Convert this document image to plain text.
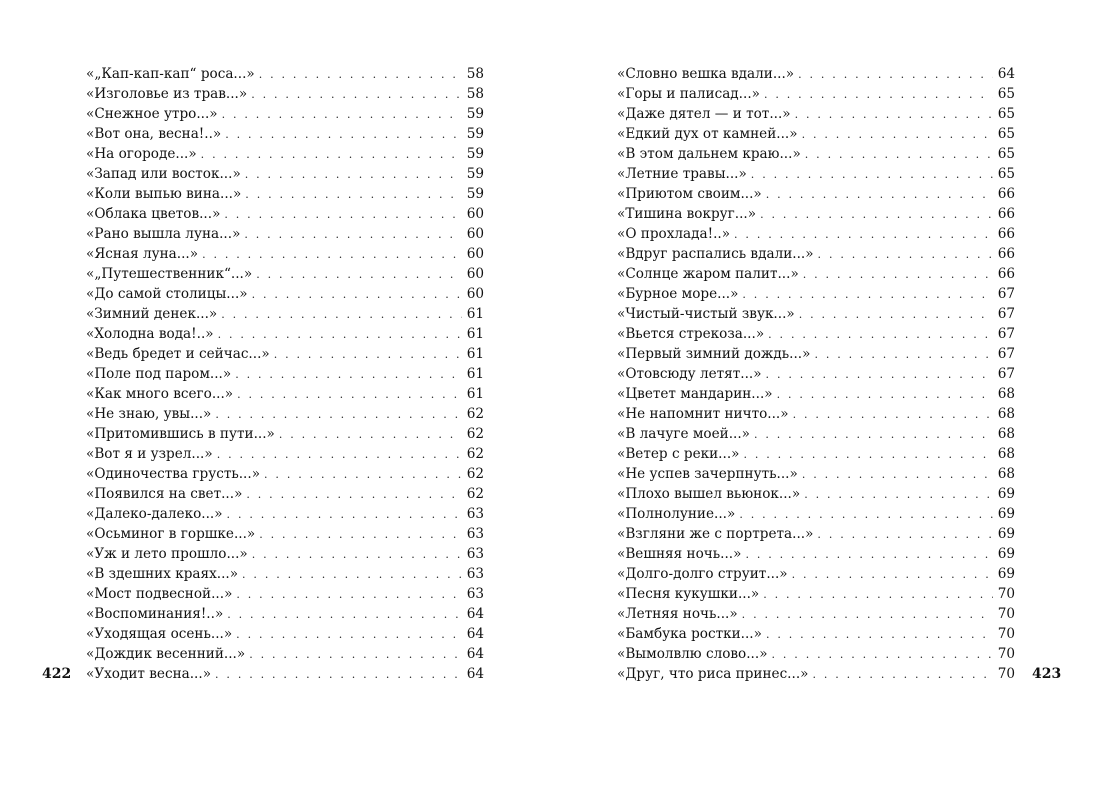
«„Кап-кап-кап“ роса...» . . .	58
«Изголовье из трав...» . . .	58
«Снежное утро...» . . .	59
«Вот она, весна!..» . . .	59
«На огороде...» . . .	59
«Запад или восток...» . . .	59
«Коли выпью вина...» . . .	59
«Облака цветов...» . . .	60
«Рано вышла луна...» . . .	60
«Ясная луна...» . . .	60
«„Путешественник“...» . . .	60
«До самой столицы...» . . .	60
«Зимний денек...» . . .	61
«Холодна вода!..» . . .	61
«Ведь бредет и сейчас...» . . .	61
«Поле под паром...» . . .	61
«Как много всего...» . . .	61
«Не знаю, увы...» . . .	62
«Притомившись в пути...» . . .	62
«Вот я и узрел...» . . .	62
«Одиночества грусть...» . . .	62
«Появился на свет...» . . .	62
«Далеко-далеко...» . . .	63
«Осьминог в горшке...» . . .	63
«Уж и лето прошло...» . . .	63
«В здешних краях...» . . .	63
«Мост подвесной...» . . .	63
«Воспоминания!..» . . .	64
«Уходящая осень...» . . .	64
«Дождик весенний...» . . .	64
«Уходит весна...» . . .	64
«Словно вешка вдали...» . . .	64
«Горы и палисад...» . . .	65
«Даже дятел — и тот...» . . .	65
«Едкий дух от камней...» . . .	65
«В этом дальнем краю...» . . .	65
«Летние травы...» . . .	65
«Приютом своим...» . . .	66
«Тишина вокруг...» . . .	66
«О прохлада!..» . . .	66
«Вдруг распались вдали...» . . .	66
«Солнце жаром палит...» . . .	66
«Бурное море...» . . .	67
«Чистый-чистый звук...» . . .	67
«Вьется стрекоза...» . . .	67
«Первый зимний дождь...» . . .	67
«Отовсюду летят...» . . .	67
«Цветет мандарин...» . . .	68
«Не напомнит ничто...» . . .	68
«В лачуге моей...» . . .	68
«Ветер с реки...» . . .	68
«Не успев зачерпнуть...» . . .	68
«Плохо вышел вьюнок...» . . .	69
«Полнолуние...» . . .	69
«Взгляни же с портрета...» . . .	69
«Вешняя ночь...» . . .	69
«Долго-долго струит...» . . .	69
«Песня кукушки...» . . .	70
«Летняя ночь...» . . .	70
«Бамбука ростки...» . . .	70
«Вымолвлю слово...» . . .	70
«Друг, что риса принес...» . . .	70
422	423
